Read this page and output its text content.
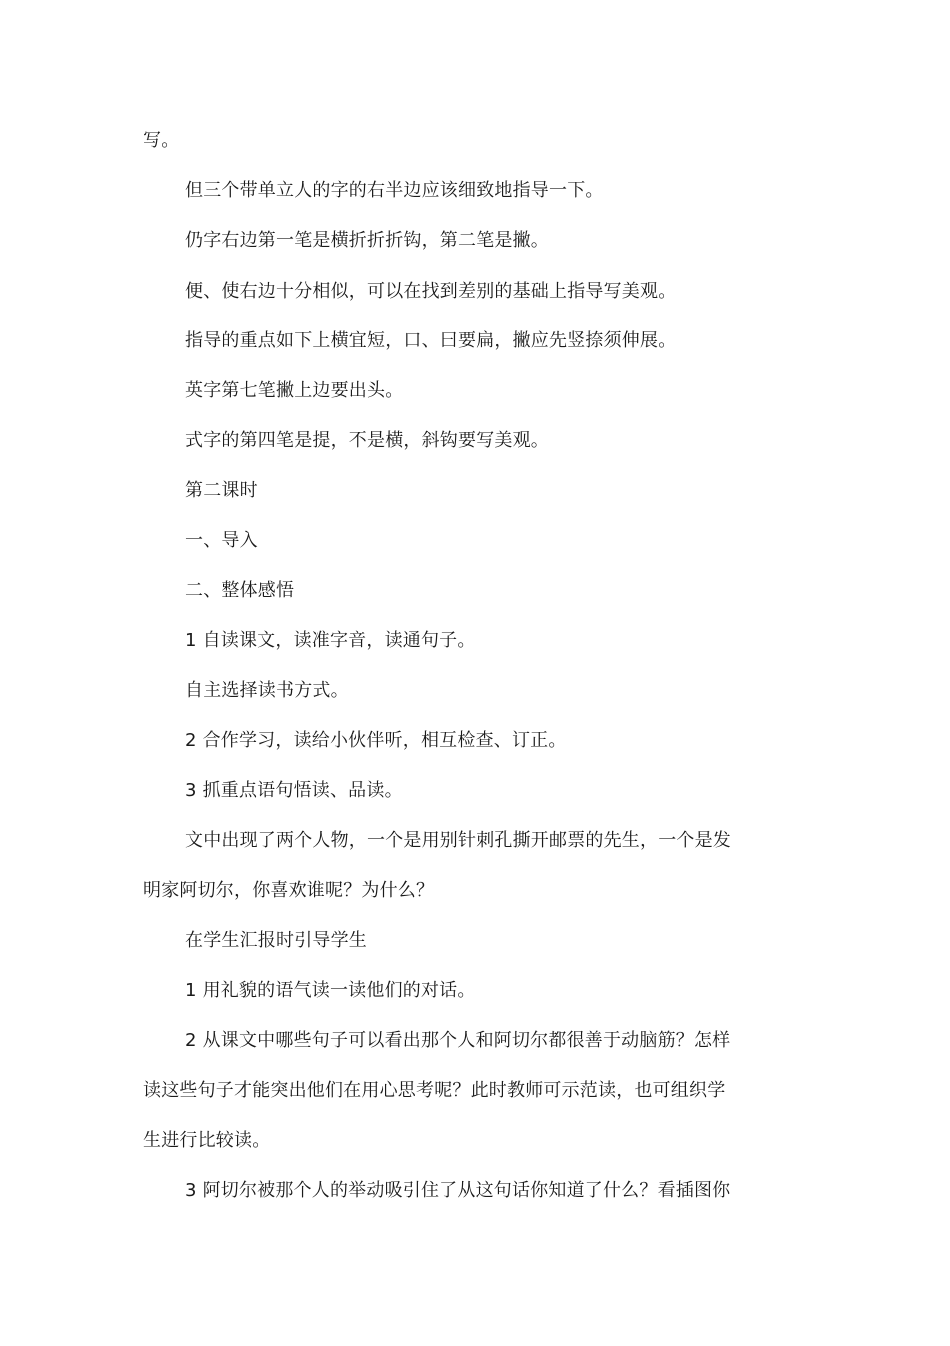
写。
但三个带单立人的字的右半边应该细致地指导一下。
仍字右边第一笔是横折折折钩，第二笔是撇。
便、使右边十分相似，可以在找到差别的基础上指导写美观。
指导的重点如下上横宜短，口、曰要扁，撇应先竖捺须伸展。
英字第七笔撇上边要出头。
式字的第四笔是提，不是横，斜钩要写美观。
第二课时
一、导入
二、整体感悟
1 自读课文，读准字音，读通句子。
自主选择读书方式。
2 合作学习，读给小伙伴听，相互检查、订正。
3 抓重点语句悟读、品读。
文中出现了两个人物，一个是用别针刺孔撕开邮票的先生，一个是发
明家阿切尔，你喜欢谁呢？为什么？
在学生汇报时引导学生
1 用礼貌的语气读一读他们的对话。
2 从课文中哪些句子可以看出那个人和阿切尔都很善于动脑筋？怎样
读这些句子才能突出他们在用心思考呢？此时教师可示范读，也可组织学
生进行比较读。
3 阿切尔被那个人的举动吸引住了从这句话你知道了什么？看插图你
